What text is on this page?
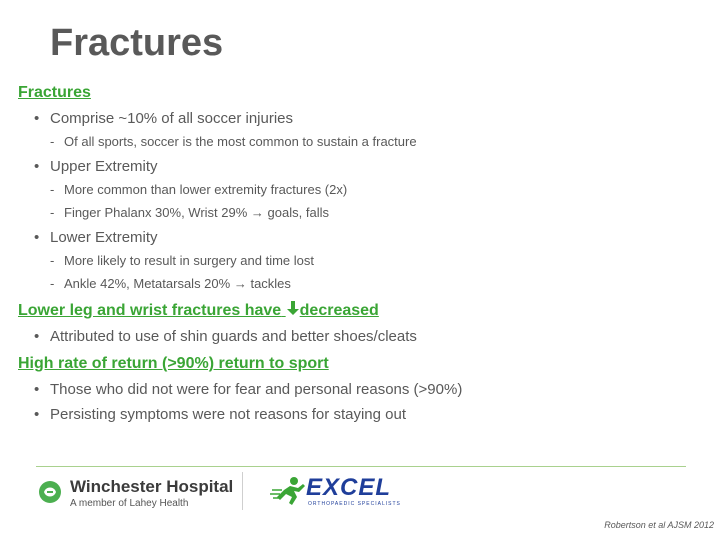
Fractures

Fractures

• Comprise ~10% of all soccer injuries

- Of all sports, soccer is the most common to sustain a fracture

• Upper Extremity

- More common than lower extremity fractures (2x)

- Finger Phalanx 30%, Wrist 29% → goals, falls

• Lower Extremity

- More likely to result in surgery and time lost

- Ankle 42%, Metatarsals 20% → tackles

Lower leg and wrist fractures have decreased

• Attributed to use of shin guards and better shoes/cleats

High rate of return (>90%) return to sport

• Those who did not were for fear and personal reasons (>90%)

• Persisting symptoms were not reasons for staying out

Winchester Hospital
A member of Lahey Health
EXCEL
ORTHOPAEDIC SPECIALISTS
Robertson et al AJSM 2012
